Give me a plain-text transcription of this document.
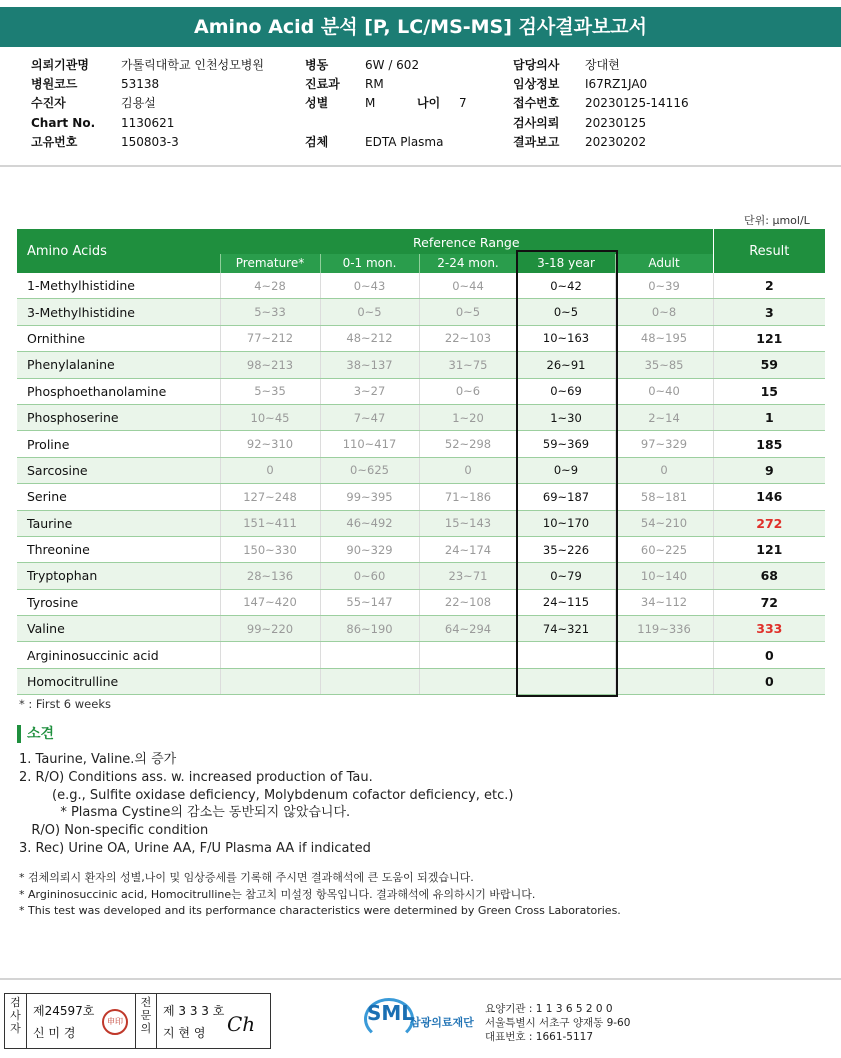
Amino Acid 분석 [P, LC/MS-MS] 검사결과보고서
의뢰기관명	가톨릭대학교 인천성모병원
병원코드	53138
수진자	김용설
Chart No. 1130621
고유번호	150803-3
병동	6W / 602
진료과 RM
성별	M
검체	EDTA Plasma
나이 7
담당의사 장대현
임상정보 I67RZ1JA0
접수번호 20230125-14116
검사의뢰 20230125
결과보고 20230202
단위: μmol/L
Amino Acids	Reference Range					Result
	Premature*	0-1 mon.	2-24 mon.	3-18 year	Adult	
1-Methylhistidine	4~28	0~43	0~44	0~42	0~39	2
3-Methylhistidine	5~33	0~5	0~5	0~5	0~8	3
Ornithine	77~212	48~212	22~103	10~163	48~195	121
Phenylalanine	98~213	38~137	31~75	26~91	35~85	59
Phosphoethanolamine	5~35	3~27	0~6	0~69	0~40	15
Phosphoserine	10~45	7~47	1~20	1~30	2~14	1
Proline	92~310	110~417	52~298	59~369	97~329	185
Sarcosine	0	0~625	0	0~9	0	9
Serine	127~248	99~395	71~186	69~187	58~181	146
Taurine	151~411	46~492	15~143	10~170	54~210	272
Threonine	150~330	90~329	24~174	35~226	60~225	121
Tryptophan	28~136	0~60	23~71	0~79	10~140	68
Tyrosine	147~420	55~147	22~108	24~115	34~112	72
Valine	99~220	86~190	64~294	74~321	119~336	333
Argininosuccinic acid						0
Homocitrulline						0
* : First 6 weeks
소견
1. Taurine, Valine.의 증가
2. R/O) Conditions ass. w. increased production of Tau.
(e.g., Sulfite oxidase deficiency, Molybdenum cofactor deficiency, etc.)
* Plasma Cystine의 감소는 동반되지 않았습니다.
R/O) Non-specific condition
3. Rec) Urine OA, Urine AA, F/U Plasma AA if indicated
* 검체의뢰시 환자의 성별,나이 및 임상증세를 기록해 주시면 결과해석에 큰 도움이 되겠습니다.
* Argininosuccinic acid, Homocitrulline는 참고치 미설정 항목입니다. 결과해석에 유의하시기 바랍니다.
* This test was developed and its performance characteristics were determined by Green Cross Laboratories.
검사자
제24597호
신 미 경
전문의
제 3 3 3 호
지 현 영 Ch
申印	SML
삼광의료재단
요양기관 : 1 1 3 6 5 2 0 0
서울특별시 서초구 양재동 9-60
대표번호 : 1661-5117
